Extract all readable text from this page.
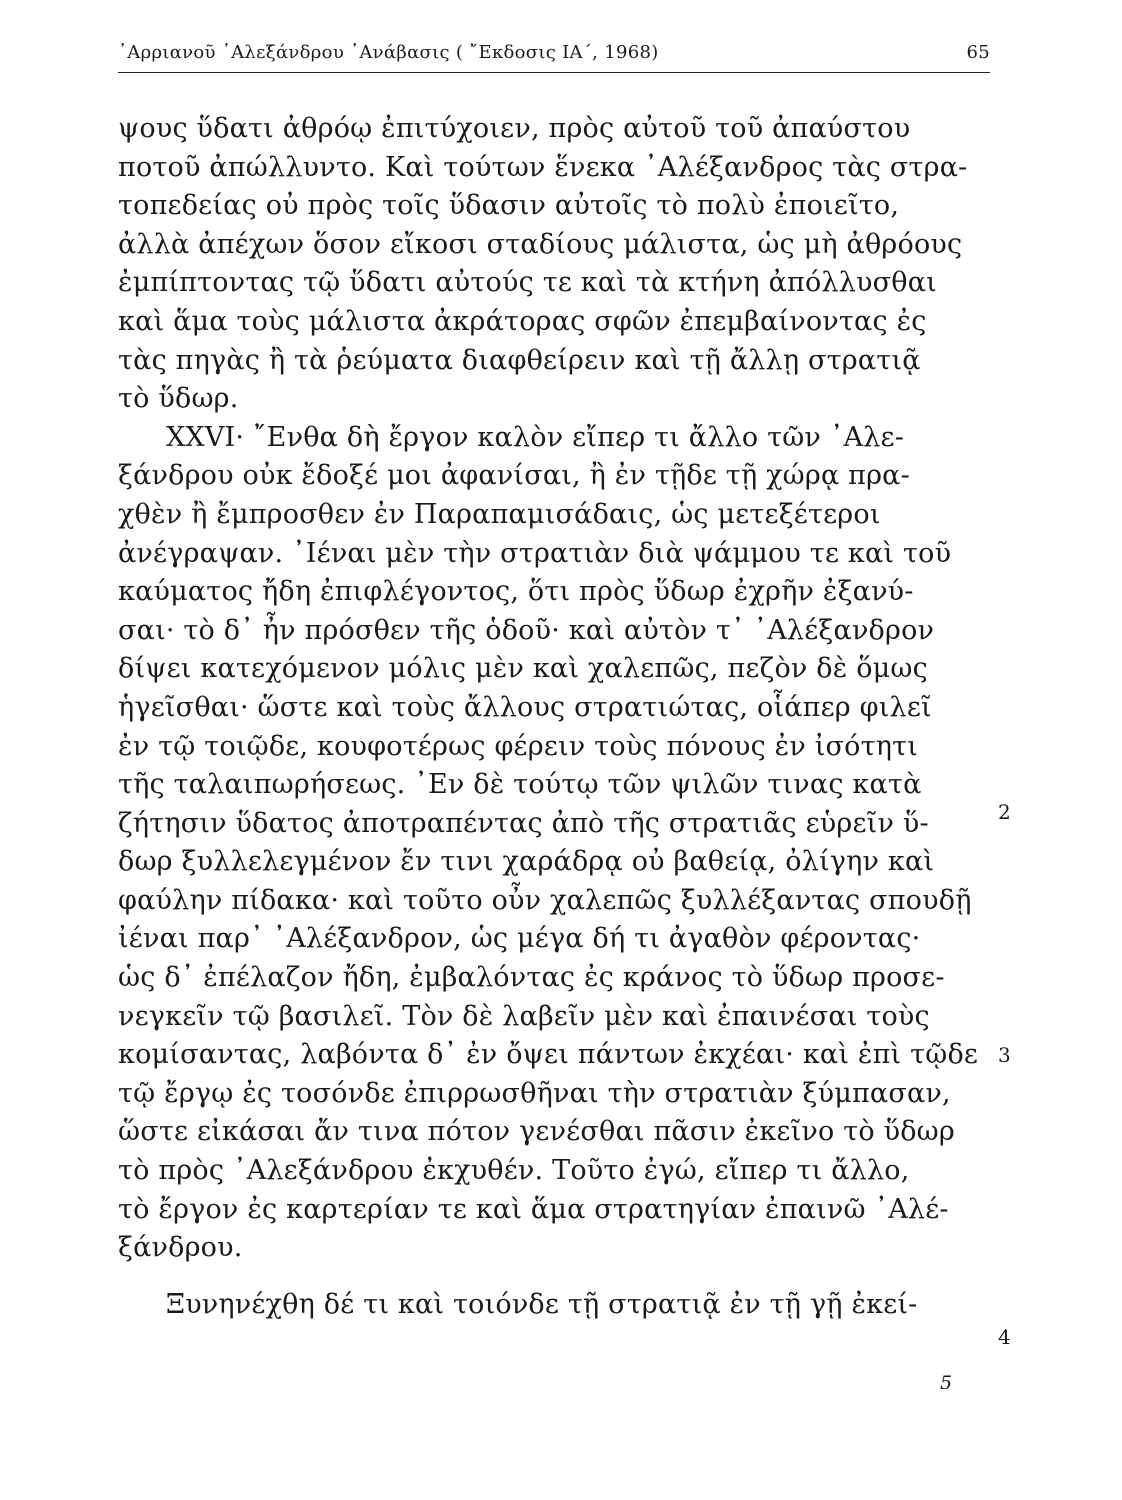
᾿Αρριανοῦ ᾿Αλεξάνδρου ᾿Ανάβασις ( ῎Εκδοσις ΙΑ΄, 1968)	65
ψους ὕδατι ἀθρόῳ ἐπιτύχοιεν, πρὸς αὐτοῦ τοῦ ἀπαύστου
ποτοῦ ἀπώλλυντο. Καὶ τούτων ἕνεκα ᾿Αλέξανδρος τὰς στρα-
τοπεδείας οὐ πρὸς τοῖς ὕδασιν αὐτοῖς τὸ πολὺ ἐποιεῖτο,
ἀλλὰ ἀπέχων ὅσον εἴκοσι σταδίους μάλιστα, ὡς μὴ ἀθρόους
ἐμπίπτοντας τῷ ὕδατι αὐτούς τε καὶ τὰ κτήνη ἀπόλλυσθαι
καὶ ἅμα τοὺς μάλιστα ἀκράτορας σφῶν ἐπεμβαίνοντας ἐς
τὰς πηγὰς ἢ τὰ ῥεύματα διαφθείρειν καὶ τῇ ἄλλῃ στρατιᾷ
τὸ ὕδωρ.
XXVI· ῎Ενθα δὴ ἔργον καλὸν εἴπερ τι ἄλλο τῶν ᾿Αλε-
ξάνδρου οὐκ ἔδοξέ μοι ἀφανίσαι, ἢ ἐν τῇδε τῇ χώρᾳ πρα-
χθὲν ἢ ἔμπροσθεν ἐν Παραπαμισάδαις, ὡς μετεξέτεροι
ἀνέγραψαν. ᾿Ιέναι μὲν τὴν στρατιὰν διὰ ψάμμου τε καὶ τοῦ
καύματος ἤδη ἐπιφλέγοντος, ὅτι πρὸς ὕδωρ ἐχρῆν ἐξανύ-
σαι· τὸ δ᾿ ἦν πρόσθεν τῆς ὁδοῦ· καὶ αὐτὸν τ᾿ ᾿Αλέξανδρον
δίψει κατεχόμενον μόλις μὲν καὶ χαλεπῶς, πεζὸν δὲ ὅμως
ἡγεῖσθαι· ὥστε καὶ τοὺς ἄλλους στρατιώτας, οἷάπερ φιλεῖ
ἐν τῷ τοιῷδε, κουφοτέρως φέρειν τοὺς πόνους ἐν ἰσότητι
τῆς ταλαιπωρήσεως. ᾿Εν δὲ τούτῳ τῶν ψιλῶν τινας κατὰ
ζήτησιν ὕδατος ἀποτραπέντας ἀπὸ τῆς στρατιᾶς εὑρεῖν ὕ-
δωρ ξυλλελεγμένον ἔν τινι χαράδρᾳ οὐ βαθείᾳ, ὀλίγην καὶ
φαύλην πίδακα· καὶ τοῦτο οὖν χαλεπῶς ξυλλέξαντας σπουδῇ
ἰέναι παρ᾿ ᾿Αλέξανδρον, ὡς μέγα δή τι ἀγαθὸν φέροντας·
ὡς δ᾿ ἐπέλαζον ἤδη, ἐμβαλόντας ἐς κράνος τὸ ὕδωρ προσε-
νεγκεῖν τῷ βασιλεῖ. Τὸν δὲ λαβεῖν μὲν καὶ ἐπαινέσαι τοὺς
κομίσαντας, λαβόντα δ᾿ ἐν ὄψει πάντων ἐκχέαι· καὶ ἐπὶ τῷδε
τῷ ἔργῳ ἐς τοσόνδε ἐπιρρωσθῆναι τὴν στρατιὰν ξύμπασαν,
ὥστε εἰκάσαι ἄν τινα πότον γενέσθαι πᾶσιν ἐκεῖνο τὸ ὕδωρ
τὸ πρὸς ᾿Αλεξάνδρου ἐκχυθέν. Τοῦτο ἐγώ, εἴπερ τι ἄλλο,
τὸ ἔργον ἐς καρτερίαν τε καὶ ἅμα στρατηγίαν ἐπαινῶ ᾿Αλέ-
ξάνδρου.
Ξυνηνέχθη δέ τι καὶ τοιόνδε τῇ στρατιᾷ ἐν τῇ γῇ ἐκεί-
2
3
4
5
